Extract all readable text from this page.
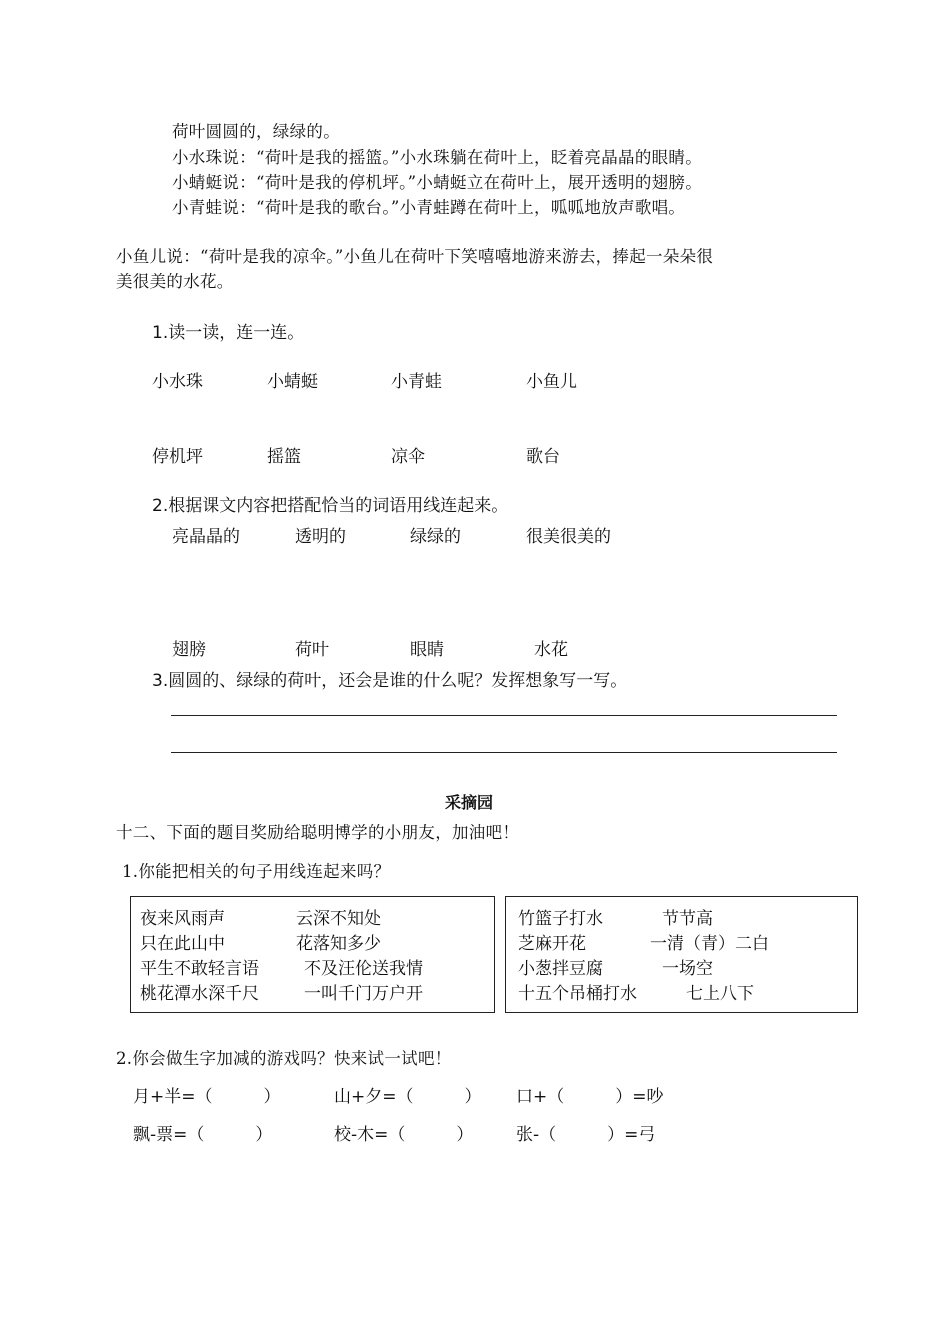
荷叶圆圆的，绿绿的。
小水珠说：“荷叶是我的摇篮。”小水珠躺在荷叶上，眨着亮晶晶的眼睛。
小蜻蜓说：“荷叶是我的停机坪。”小蜻蜓立在荷叶上，展开透明的翅膀。
小青蛙说：“荷叶是我的歌台。”小青蛙蹲在荷叶上，呱呱地放声歌唱。
小鱼儿说：“荷叶是我的凉伞。”小鱼儿在荷叶下笑嘻嘻地游来游去，捧起一朵朵很
美很美的水花。
1.读一读，连一连。
小水珠	小蜻蜓	小青蛙	小鱼儿
停机坪	摇篮	凉伞	歌台
2.根据课文内容把搭配恰当的词语用线连起来。
亮晶晶的	透明的	绿绿的	很美很美的
翅膀	荷叶	眼睛	水花
3.圆圆的、绿绿的荷叶，还会是谁的什么呢？发挥想象写一写。
采摘园
十二、下面的题目奖励给聪明博学的小朋友，加油吧！
1.你能把相关的句子用线连起来吗？
夜来风雨声	云深不知处
只在此山中	花落知多少
平生不敢轻言语	不及汪伦送我情
桃花潭水深千尺	一叫千门万户开
竹篮子打水	节节高
芝麻开花	一清（青）二白
小葱拌豆腐	一场空
十五个吊桶打水	七上八下
2.你会做生字加减的游戏吗？快来试一试吧！
月+半=（　　　）	山+夕=（　　　） 口+（　　　）=吵
飘-票=（　　　）	校-木=（　　　）	张-（　　　）=弓
